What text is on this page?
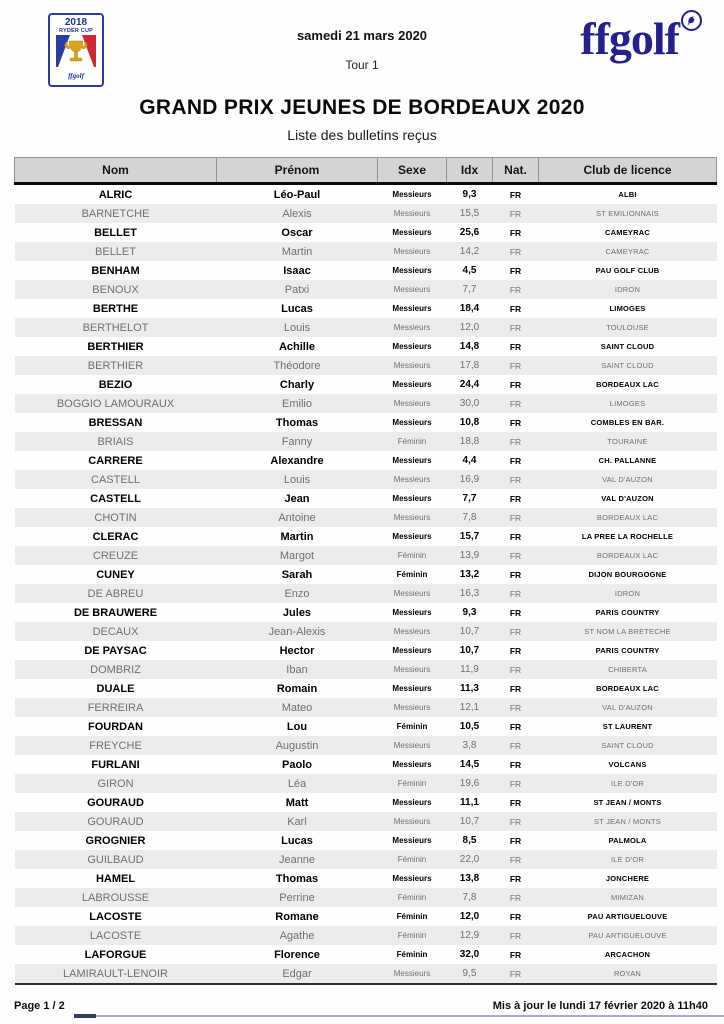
2018
RYDER CUP
ffgolf
samedi 21 mars 2020
Tour 1
ffgolf
GRAND PRIX JEUNES DE BORDEAUX 2020
Liste des bulletins reçus
Nom	Prénom	Sexe	Idx	Nat.	Club de licence
ALRIC	Léo-Paul	Messieurs	9,3	FR	ALBI
BARNETCHE	Alexis	Messieurs	15,5	FR	ST EMILIONNAIS
BELLET	Oscar	Messieurs	25,6	FR	CAMEYRAC
BELLET	Martin	Messieurs	14,2	FR	CAMEYRAC
BENHAM	Isaac	Messieurs	4,5	FR	PAU GOLF CLUB
BENOUX	Patxi	Messieurs	7,7	FR	IDRON
BERTHE	Lucas	Messieurs	18,4	FR	LIMOGES
BERTHELOT	Louis	Messieurs	12,0	FR	TOULOUSE
BERTHIER	Achille	Messieurs	14,8	FR	SAINT CLOUD
BERTHIER	Théodore	Messieurs	17,8	FR	SAINT CLOUD
BEZIO	Charly	Messieurs	24,4	FR	BORDEAUX LAC
BOGGIO LAMOURAUX	Emilio	Messieurs	30,0	FR	LIMOGES
BRESSAN	Thomas	Messieurs	10,8	FR	COMBLES EN BAR.
BRIAIS	Fanny	Féminin	18,8	FR	TOURAINE
CARRERE	Alexandre	Messieurs	4,4	FR	CH. PALLANNE
CASTELL	Louis	Messieurs	16,9	FR	VAL D'AUZON
CASTELL	Jean	Messieurs	7,7	FR	VAL D'AUZON
CHOTIN	Antoine	Messieurs	7,8	FR	BORDEAUX LAC
CLERAC	Martin	Messieurs	15,7	FR	LA PREE LA ROCHELLE
CREUZE	Margot	Féminin	13,9	FR	BORDEAUX LAC
CUNEY	Sarah	Féminin	13,2	FR	DIJON BOURGOGNE
DE ABREU	Enzo	Messieurs	16,3	FR	IDRON
DE BRAUWERE	Jules	Messieurs	9,3	FR	PARIS COUNTRY
DECAUX	Jean-Alexis	Messieurs	10,7	FR	ST NOM LA BRETECHE
DE PAYSAC	Hector	Messieurs	10,7	FR	PARIS COUNTRY
DOMBRIZ	Iban	Messieurs	11,9	FR	CHIBERTA
DUALE	Romain	Messieurs	11,3	FR	BORDEAUX LAC
FERREIRA	Mateo	Messieurs	12,1	FR	VAL D'AUZON
FOURDAN	Lou	Féminin	10,5	FR	ST LAURENT
FREYCHE	Augustin	Messieurs	3,8	FR	SAINT CLOUD
FURLANI	Paolo	Messieurs	14,5	FR	VOLCANS
GIRON	Léa	Féminin	19,6	FR	ILE D'OR
GOURAUD	Matt	Messieurs	11,1	FR	ST JEAN / MONTS
GOURAUD	Karl	Messieurs	10,7	FR	ST JEAN / MONTS
GROGNIER	Lucas	Messieurs	8,5	FR	PALMOLA
GUILBAUD	Jeanne	Féminin	22,0	FR	ILE D'OR
HAMEL	Thomas	Messieurs	13,8	FR	JONCHERE
LABROUSSE	Perrine	Féminin	7,8	FR	MIMIZAN
LACOSTE	Romane	Féminin	12,0	FR	PAU ARTIGUELOUVE
LACOSTE	Agathe	Féminin	12,9	FR	PAU ARTIGUELOUVE
LAFORGUE	Florence	Féminin	32,0	FR	ARCACHON
LAMIRAULT-LENOIR	Edgar	Messieurs	9,5	FR	ROYAN
Page 1 / 2	Mis à jour le lundi 17 février 2020 à 11h40
